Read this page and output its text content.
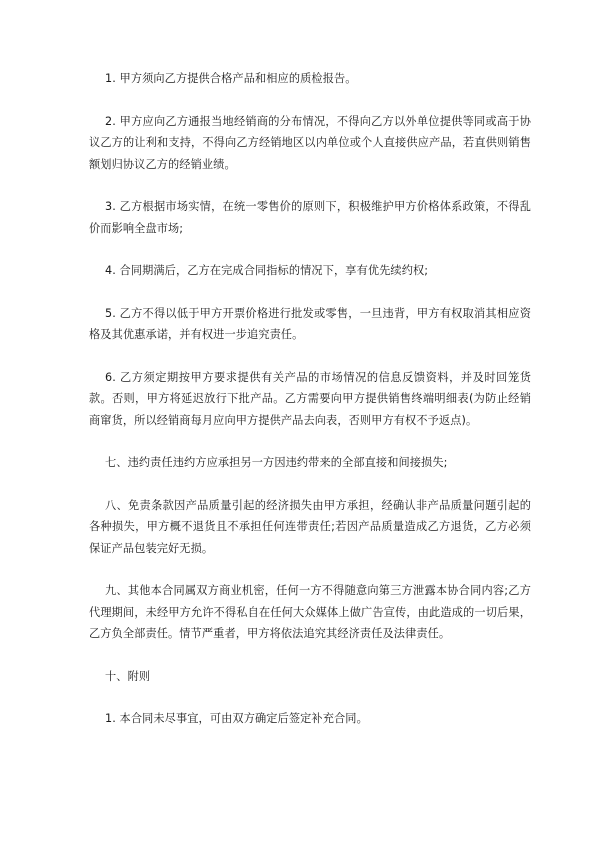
1. 甲方须向乙方提供合格产品和相应的质检报告。

2. 甲方应向乙方通报当地经销商的分布情况，不得向乙方以外单位提供等同或高于协议乙方的让利和支持，不得向乙方经销地区以内单位或个人直接供应产品，若直供则销售额划归协议乙方的经销业绩。

3. 乙方根据市场实情，在统一零售价的原则下，积极维护甲方价格体系政策，不得乱价而影响全盘市场;

4. 合同期满后，乙方在完成合同指标的情况下，享有优先续约权;

5. 乙方不得以低于甲方开票价格进行批发或零售，一旦违背，甲方有权取消其相应资格及其优惠承诺，并有权进一步追究责任。

6. 乙方须定期按甲方要求提供有关产品的市场情况的信息反馈资料，并及时回笼货款。否则，甲方将延迟放行下批产品。乙方需要向甲方提供销售终端明细表(为防止经销商窜货，所以经销商每月应向甲方提供产品去向表，否则甲方有权不予返点)。

七、违约责任违约方应承担另一方因违约带来的全部直接和间接损失;

八、免责条款因产品质量引起的经济损失由甲方承担，经确认非产品质量问题引起的各种损失，甲方概不退货且不承担任何连带责任;若因产品质量造成乙方退货，乙方必须保证产品包装完好无损。

九、其他本合同属双方商业机密，任何一方不得随意向第三方泄露本协合同内容;乙方代理期间，未经甲方允许不得私自在任何大众媒体上做广告宣传，由此造成的一切后果，乙方负全部责任。情节严重者，甲方将依法追究其经济责任及法律责任。

十、附则

1. 本合同未尽事宜，可由双方确定后签定补充合同。
